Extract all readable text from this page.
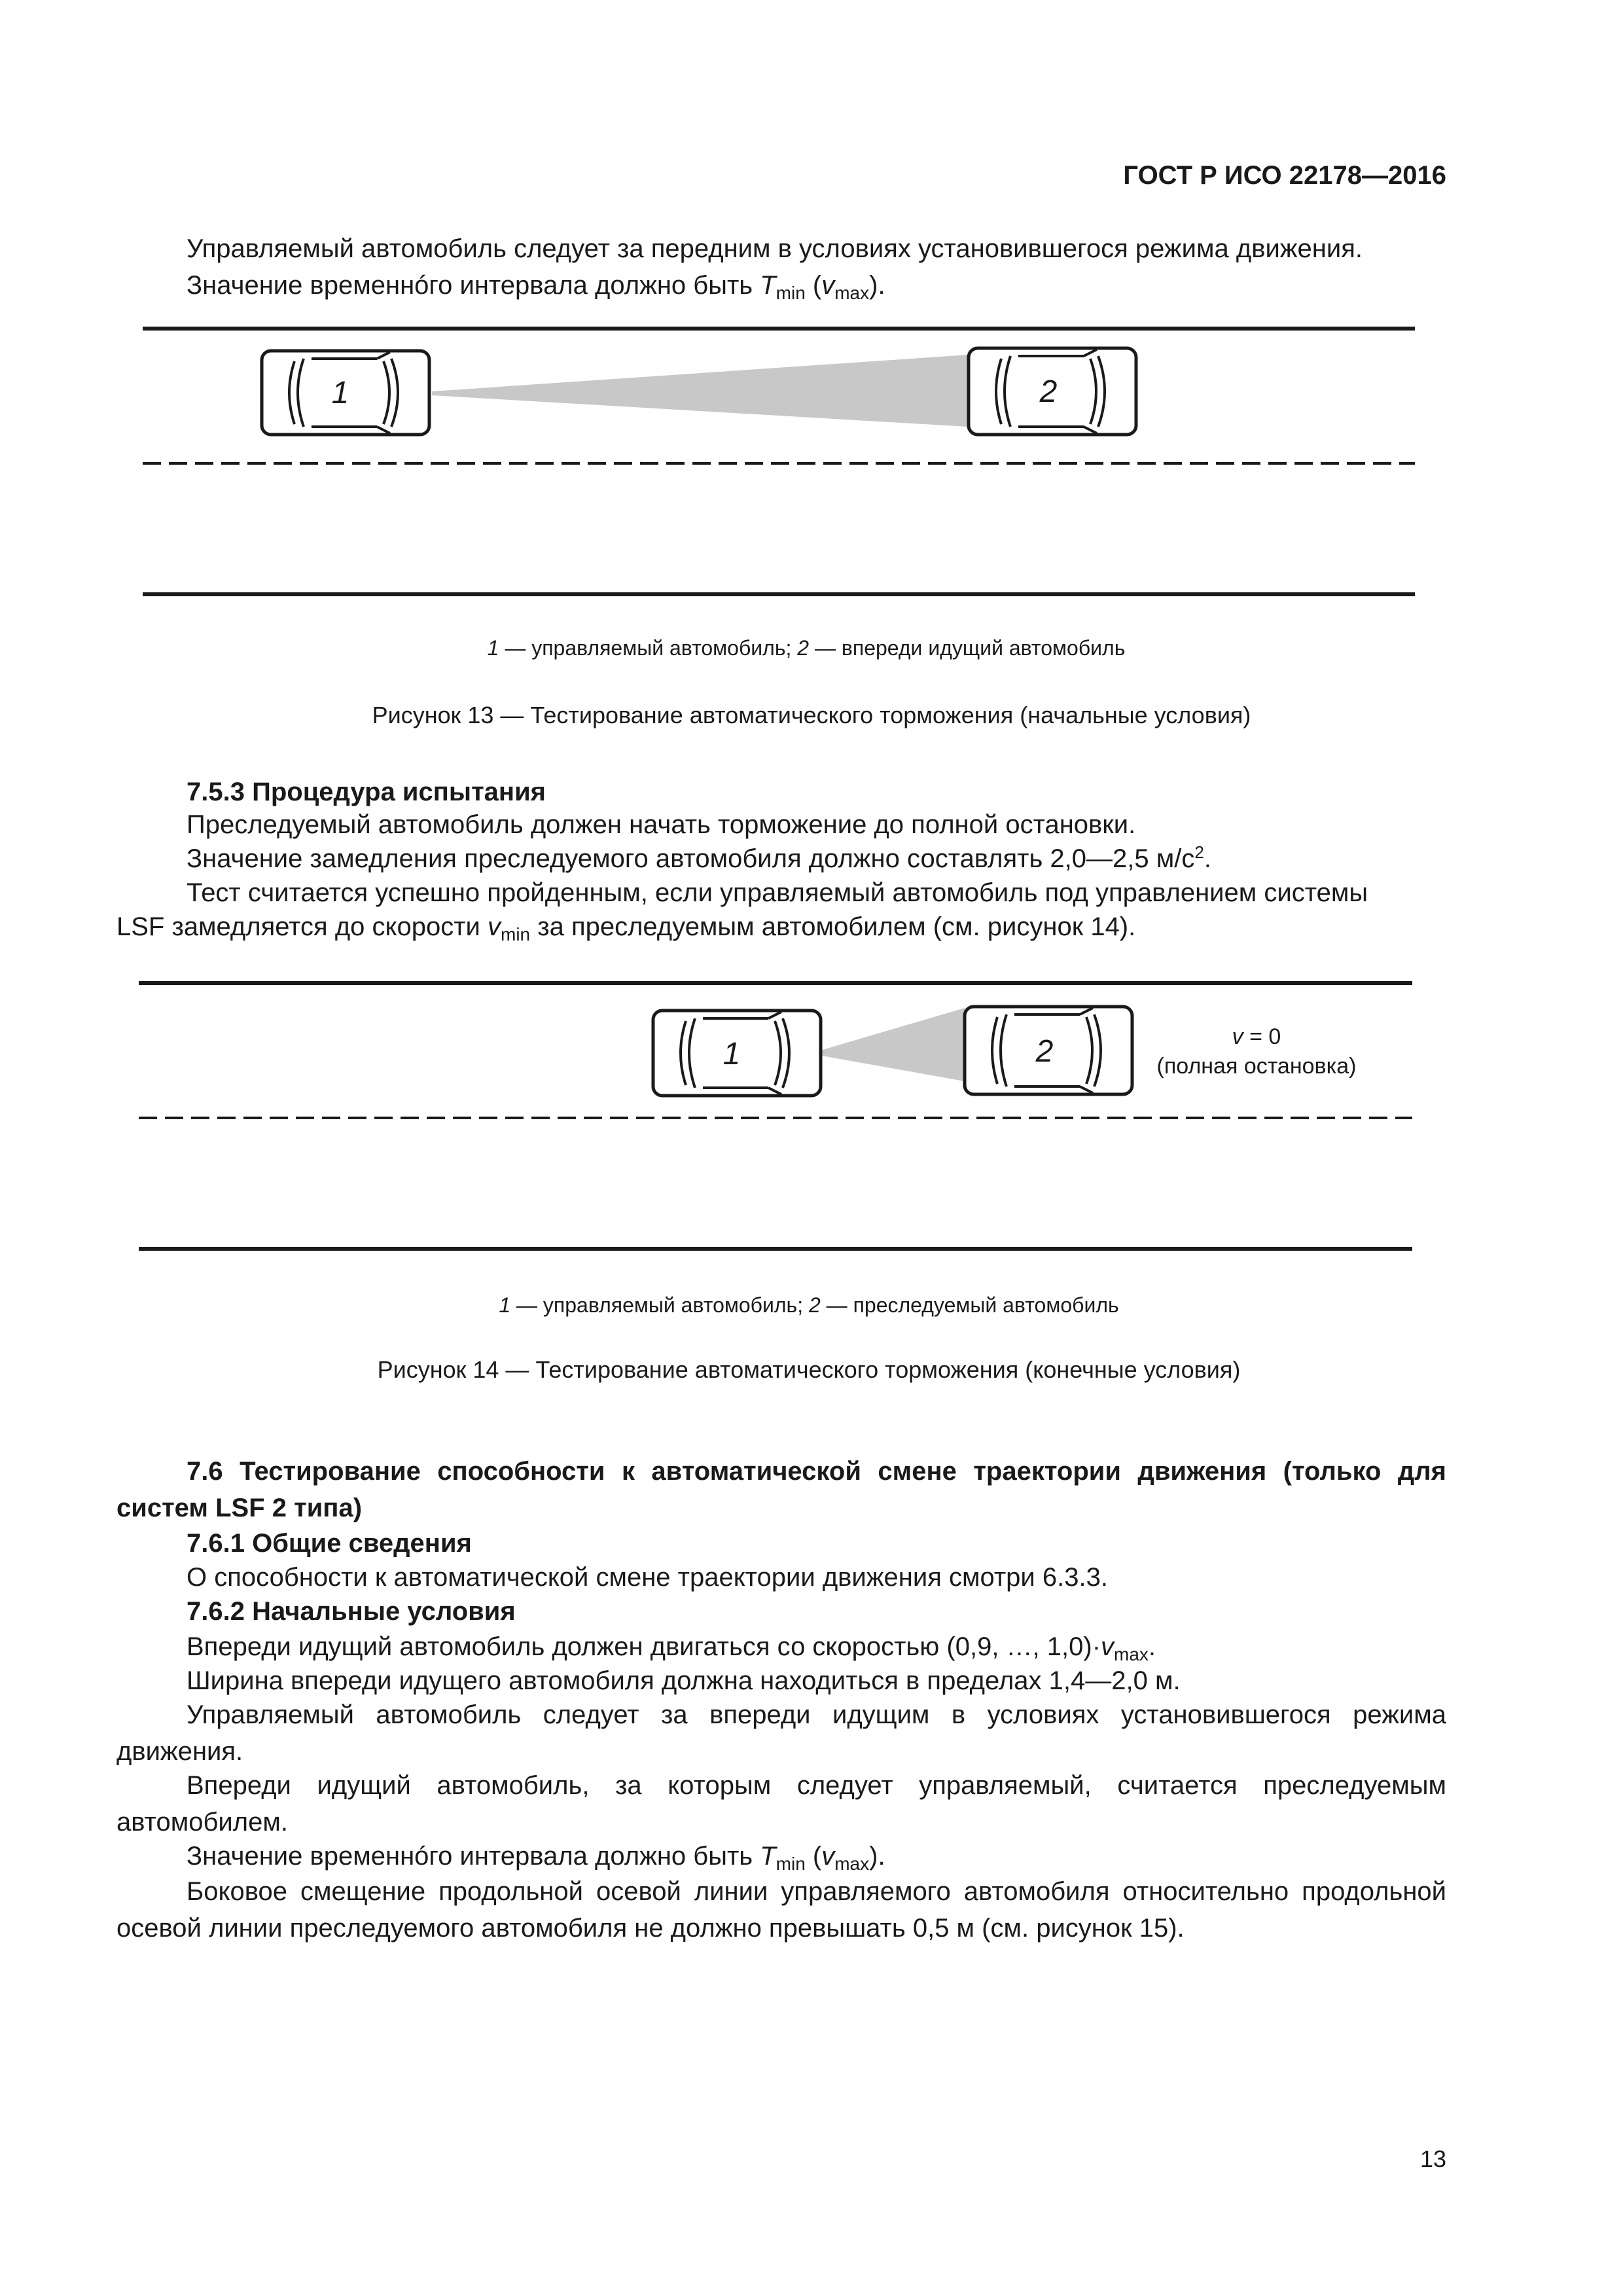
ГОСТ Р ИСО 22178—2016
Управляемый автомобиль следует за передним в условиях установившегося режима движения.
Значение временнóго интервала должно быть $T_{min}$ $(v_{max})$.
1	2
1 — управляемый автомобиль; 2 — впереди идущий автомобиль
Рисунок 13 — Тестирование автоматического торможения (начальные условия)
7.5.3 Процедура испытания
Преследуемый автомобиль должен начать торможение до полной остановки.
Значение замедления преследуемого автомобиля должно составлять 2,0—2,5 $м/с^2$.
Тест считается успешно пройденным, если управляемый автомобиль под управлением системы
LSF замедляется до скорости $v_{min}$ за преследуемым автомобилем (см. рисунок 14).
1	2	v = 0
(полная остановка)
1 — управляемый автомобиль; 2 — преследуемый автомобиль
Рисунок 14 — Тестирование автоматического торможения (конечные условия)
7.6 Тестирование способности к автоматической смене траектории движения (только для систем LSF 2 типа)
7.6.1 Общие сведения
О способности к автоматической смене траектории движения смотри 6.3.3.
7.6.2 Начальные условия
Впереди идущий автомобиль должен двигаться со скоростью (0,9, …, $1,0)\cdot v_{max}$.
Ширина впереди идущего автомобиля должна находиться в пределах 1,4—2,0 м.
Управляемый автомобиль следует за впереди идущим в условиях установившегося режима движения.
Впереди идущий автомобиль, за которым следует управляемый, считается преследуемым автомобилем.
Значение временнóго интервала должно быть $T_{min}$ $(v_{max})$.
Боковое смещение продольной осевой линии управляемого автомобиля относительно продольной осевой линии преследуемого автомобиля не должно превышать 0,5 м (см. рисунок 15).
13
